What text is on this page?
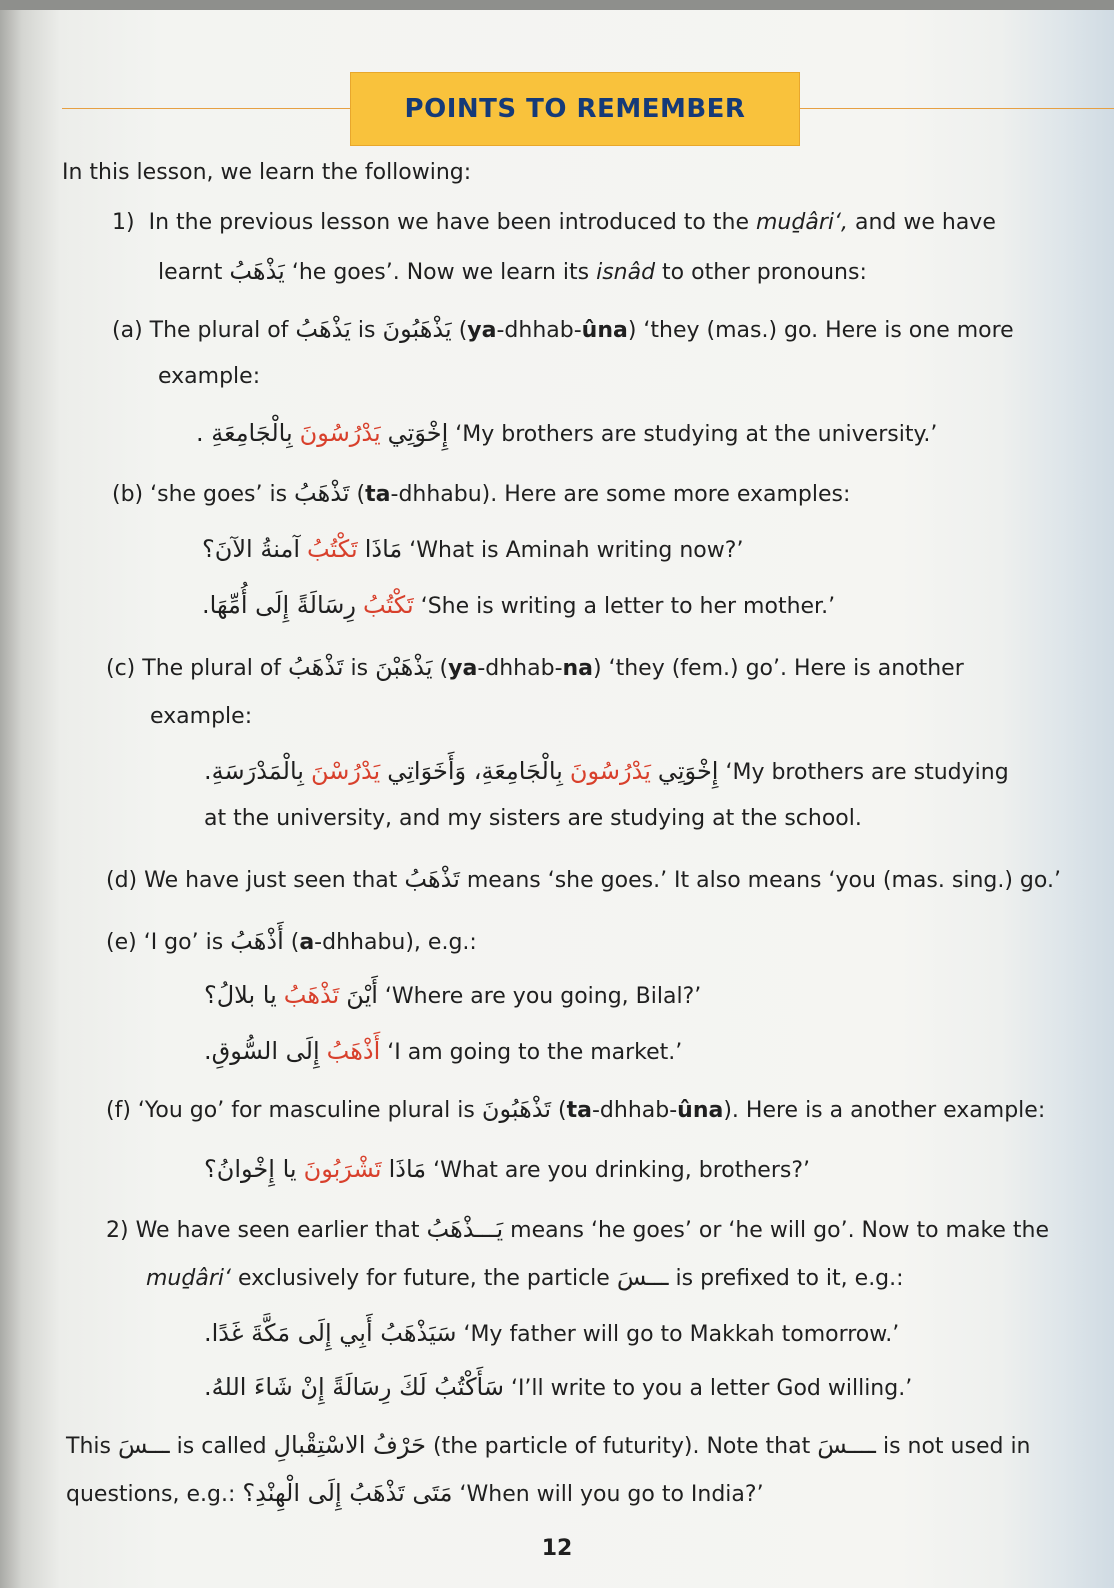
POINTS TO REMEMBER
In this lesson, we learn the following:
1) In the previous lesson we have been introduced to the muḏâri‘, and we have
learnt يَذْهَبُ ‘he goes’. Now we learn its isnâd to other pronouns:
(a) The plural of يَذْهَبُ is يَذْهَبُونَ (ya-dhhab-ûna) ‘they (mas.) go. Here is one more
example:
بِالْجَامِعَةِ . يَدْرُسُونَ إِخْوَتِي ‘My brothers are studying at the university.’
(b) ‘she goes’ is تَذْهَبُ (ta-dhhabu). Here are some more examples:
آمنةُ الآنَ؟ تَكْتُبُ مَاذَا ‘What is Aminah writing now?’
رِسَالَةً إِلَى أُمِّهَا. تَكْتُبُ ‘She is writing a letter to her mother.’
(c) The plural of تَذْهَبُ is يَذْهَبْنَ (ya-dhhab-na) ‘they (fem.) go’. Here is another
example:
بِالْمَدْرَسَةِ. يَدْرُسْنَ بِالْجَامِعَةِ، وَأَخَوَاتِي يَدْرُسُونَ إِخْوَتِي ‘My brothers are studying
at the university, and my sisters are studying at the school.
(d) We have just seen that تَذْهَبُ means ‘she goes.’ It also means ‘you (mas. sing.) go.’
(e) ‘I go’ is أَذْهَبُ (a-dhhabu), e.g.:
يا بلالُ؟ تَذْهَبُ أَيْنَ ‘Where are you going, Bilal?’
إِلَى السُّوقِ. أَذْهَبُ ‘I am going to the market.’
(f) ‘You go’ for masculine plural is تَذْهَبُونَ (ta-dhhab-ûna). Here is a another example:
يا إِخْوانُ؟ تَشْرَبُونَ مَاذَا ‘What are you drinking, brothers?’
2) We have seen earlier that يَـــذْهَبُ means ‘he goes’ or ‘he will go’. Now to make the
muḏâri‘ exclusively for future, the particle ـــسَ is prefixed to it, e.g.:
سَيَذْهَبُ أَبِي إِلَى مَكَّةَ غَدًا. ‘My father will go to Makkah tomorrow.’
سَأَكْتُبُ لَكَ رِسَالَةً إِنْ شَاءَ اللهُ. ‘I’ll write to you a letter God willing.’
This ـــسَ is called حَرْفُ الاسْتِقْبالِ (the particle of futurity). Note that ــــسَ is not used in
questions, e.g.: مَتَى تَذْهَبُ إِلَى الْهِنْدِ؟ ‘When will you go to India?’
12
